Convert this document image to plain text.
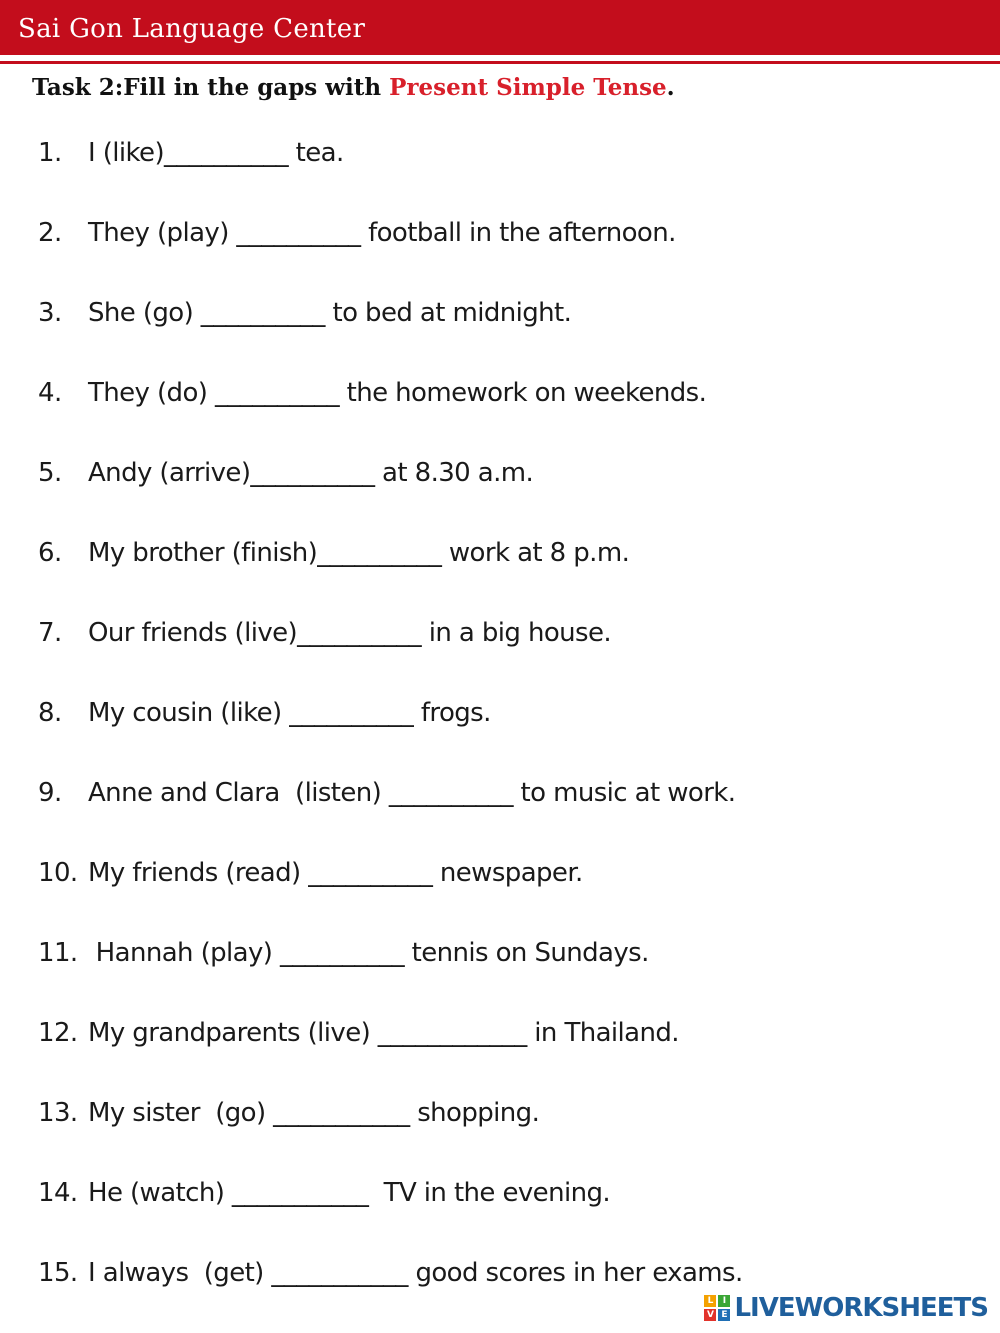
Sai Gon Language Center
Task 2:Fill in the gaps with Present Simple Tense.
1. I (like)__________ tea.
2. They (play) __________ football in the afternoon.
3. She (go) __________ to bed at midnight.
4. They (do) __________ the homework on weekends.
5. Andy (arrive)__________ at 8.30 a.m.
6. My brother (finish)__________ work at 8 p.m.
7. Our friends (live)__________ in a big house.
8. My cousin (like) __________ frogs.
9. Anne and Clara  (listen) __________ to music at work.
10. My friends (read) __________ newspaper.
11. Hannah (play) __________ tennis on Sundays.
12. My grandparents (live) ____________ in Thailand.
13. My sister  (go) ___________ shopping.
14. He (watch) ___________  TV in the evening.
15. I always  (get) ___________ good scores in her exams.
L	I
V E LIVEWORKSHEETS
